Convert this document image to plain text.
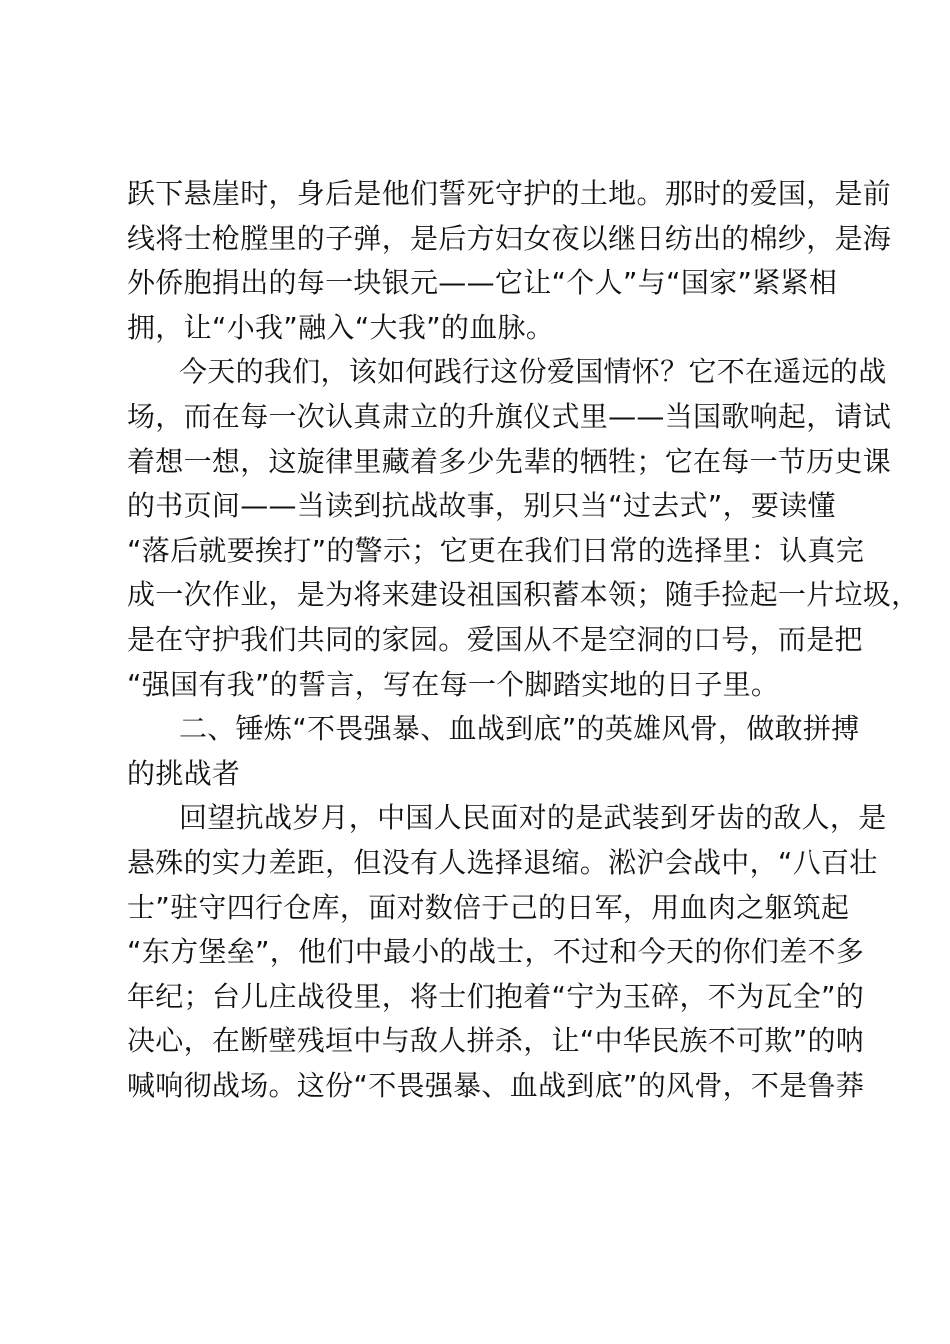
跃下悬崖时，身后是他们誓死守护的土地。那时的爱国，是前
线将士枪膛里的子弹，是后方妇女夜以继日纺出的棉纱，是海
外侨胞捐出的每一块银元——它让“个人”与“国家”紧紧相
拥，让“小我”融入“大我”的血脉。
今天的我们，该如何践行这份爱国情怀？它不在遥远的战
场，而在每一次认真肃立的升旗仪式里——当国歌响起，请试
着想一想，这旋律里藏着多少先辈的牺牲；它在每一节历史课
的书页间——当读到抗战故事，别只当“过去式”，要读懂
“落后就要挨打”的警示；它更在我们日常的选择里：认真完
成一次作业，是为将来建设祖国积蓄本领；随手捡起一片垃圾，
是在守护我们共同的家园。爱国从不是空洞的口号，而是把
“强国有我”的誓言，写在每一个脚踏实地的日子里。
二、锤炼“不畏强暴、血战到底”的英雄风骨，做敢拼搏
的挑战者
回望抗战岁月，中国人民面对的是武装到牙齿的敌人，是
悬殊的实力差距，但没有人选择退缩。淞沪会战中，“八百壮
士”驻守四行仓库，面对数倍于己的日军，用血肉之躯筑起
“东方堡垒”，他们中最小的战士，不过和今天的你们差不多
年纪；台儿庄战役里，将士们抱着“宁为玉碎，不为瓦全”的
决心，在断壁残垣中与敌人拼杀，让“中华民族不可欺”的呐
喊响彻战场。这份“不畏强暴、血战到底”的风骨，不是鲁莽
